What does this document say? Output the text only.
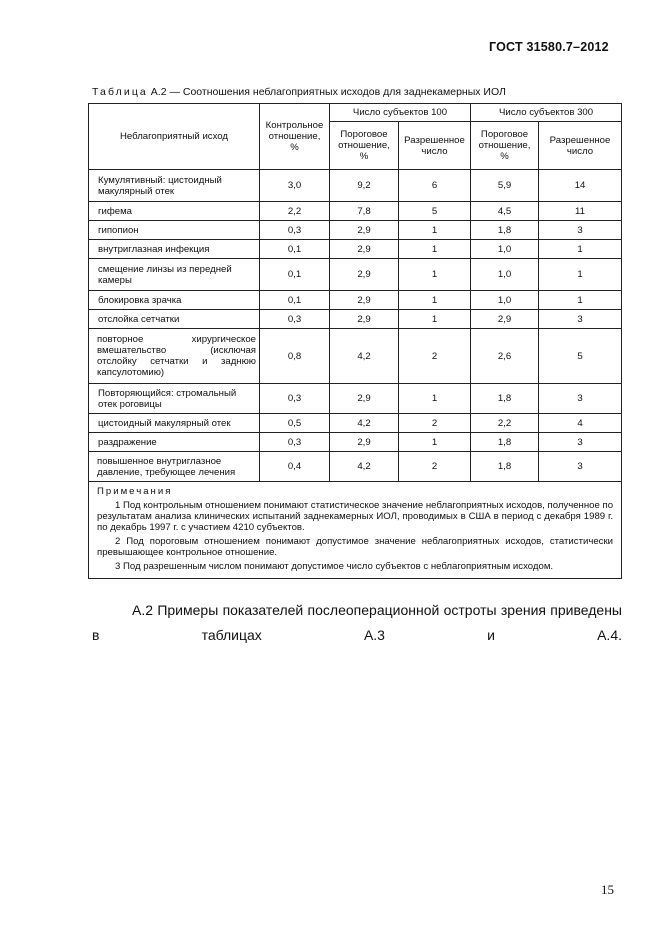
ГОСТ 31580.7–2012
Таблица А.2 — Соотношения неблагоприятных исходов для заднекамерных ИОЛ
Неблагоприятный исход	Контрольное отношение, %	Число субъектов 100		Число субъектов 300	
		Пороговое отношение, %	Разрешенное число	Пороговое отношение, %	Разрешенное число
Кумулятивный: цистоидный макулярный отек	3,0	9,2	6	5,9	14
гифема	2,2	7,8	5	4,5	11
гипопион	0,3	2,9	1	1,8	3
внутриглазная инфекция	0,1	2,9	1	1,0	1
смещение линзы из передней камеры	0,1	2,9	1	1,0	1
блокировка зрачка	0,1	2,9	1	1,0	1
отслойка сетчатки	0,3	2,9	1	2,9	3
повторное хирургическое вмешательство (исключая отслойку сетчатки и заднюю капсулотомию)	0,8	4,2	2	2,6	5
Повторяющийся: стромальный отек роговицы	0,3	2,9	1	1,8	3
цистоидный макулярный отек	0,5	4,2	2	2,2	4
раздражение	0,3	2,9	1	1,8	3
повышенное внутриглазное давление, требующее лечения	0,4	4,2	2	1,8	3

Примечания
1 Под контрольным отношением понимают статистическое значение неблагоприятных исходов, полученное по результатам анализа клинических испытаний заднекамерных ИОЛ, проводимых в США в период с декабря 1989 г. по декабрь 1997 г. с участием 4210 субъектов.
2 Под пороговым отношением понимают допустимое значение неблагоприятных исходов, статистически превышающее контрольное отношение.
3 Под разрешенным числом понимают допустимое число субъектов с неблагоприятным исходом.					
А.2 Примеры показателей послеоперационной остроты зрения приведены в таблицах А.3 и А.4.
15
